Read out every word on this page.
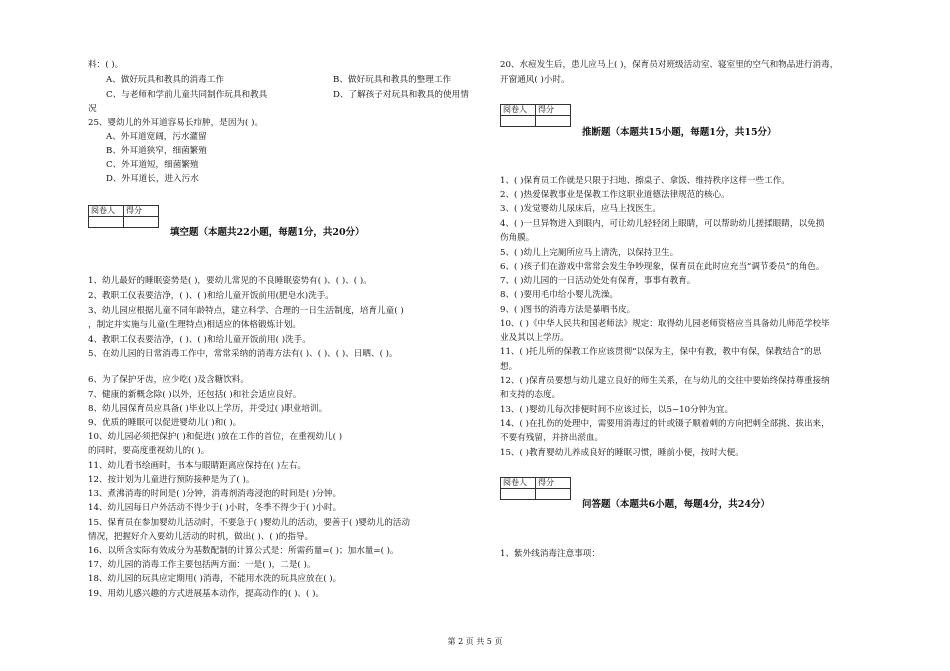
料：( )。
A、做好玩具和教具的消毒工作	B、做好玩具和教具的整理工作
C、与老师和学前儿童共同制作玩具和教具	D、了解孩子对玩具和教具的使用情
况
25、婴幼儿的外耳道容易长疖肿，是因为( )。
A、外耳道宽阔，污水灌留
B、外耳道狭窄，细菌繁殖
C、外耳道短，细菌繁殖
D、外耳道长，进入污水
阅卷人	得分

填空题（本题共22小题，每题1分，共20分）
1、幼儿最好的睡眠姿势是( )，要幼儿常见的不良睡眠姿势有( )、( )、( )。
2、教职工仪表要洁净，( )、( )和给儿童开饭前用(肥皂水)洗手。
3、幼儿园应根据儿童不同年龄特点，建立科学、合理的一日生活制度，培育儿童( )
，制定并实施与儿童(生理特点)相适应的体格锻炼计划。
4、教职工仪表要洁净，( )、( )和给儿童开饭前用( )洗手。
5、在幼儿园的日常消毒工作中，常常采纳的消毒方法有( )、( )、( )、日晒、( )。
6、为了保护牙齿，应少吃( )及含糖饮料。
7、健康的新概念除( )以外，还包括( )和社会适应良好。
8、幼儿园保育员应具备( )毕业以上学历，并受过( )职业培训。
9、优质的睡眠可以促进婴幼儿( )和( )。
10、幼儿园必须把保护( )和促进( )放在工作的首位，在重视幼儿( )
的同时，要高度重视幼儿的( )。
11、幼儿看书绘画时，书本与眼睛距离应保持在( )左右。
12、按计划为儿童进行预防接种是为了( )。
13、煮沸消毒的时间是( )分钟，消毒剂消毒浸泡的时间是( )分钟。
14、幼儿园每日户外活动不得少于( )小时，冬季不得少于( )小时。
15、保育员在参加婴幼儿活动时，不要急于( )婴幼儿的活动，要善于( )婴幼儿的活动
情况，把握好介入要幼儿活动的时机，做出( )、( )的指导。
16、以所含实际有效成分为基数配制的计算公式是：所需药量=( )；加水量=( )。
17、幼儿园的消毒工作主要包括两方面：一是( )，二是( )。
18、幼儿园的玩具应定期用( )消毒，不能用水洗的玩具应放在( )。
19、用幼儿感兴趣的方式进展基本动作，提高动作的( )、( )。
20、水痘发生后，患儿应马上( )，保育员对班级活动室、寝室里的空气和物品进行消毒，
开窗通风( )小时。
阅卷人	得分

推断题（本题共15小题，每题1分，共15分）
1、( )保育员工作就是只限于扫地、擦桌子、拿饭、维持秩序这样一些工作。
2、( )热爱保教事业是保教工作这职业道德法律规范的核心。
3、( )发觉婴幼儿尿床后，应马上找医生。
4、( )一旦异物进入到眼内，可让幼儿轻轻闭上眼睛，可以帮助幼儿搓揉眼睛，以免损
伤角膜。
5、( )幼儿上完厕所应马上清洗，以保持卫生。
6、( )孩子们在游戏中常常会发生争吵现象，保育员在此时应充当“调节委员”的角色。
7、( )幼儿园的一日活动处处有保育，事事有教育。
8、( )要用毛巾给小婴儿洗澡。
9、( )图书的消毒方法是暴晒书皮。
10、( )《中华人民共和国老师法》规定：取得幼儿园老师资格应当具备幼儿师范学校毕
业及其以上学历。
11、( )托儿所的保教工作应该贯彻“以保为主，保中有教，教中有保，保教结合”的思
想。
12、( )保育员要想与幼儿建立良好的师生关系，在与幼儿的交往中要始终保持尊重接纳
和支持的态度。
13、( )婴幼儿每次排便时间不应该过长，以5~10分钟为宜。
14、( )在扎伤的处理中，需要用消毒过的针或镊子顺着刺的方向把刺全部挑、拔出来，
不要有残留，并挤出淤血。
15、( )教育婴幼儿养成良好的睡眠习惯，睡前小便，按时大便。
阅卷人	得分

问答题（本题共6小题，每题4分，共24分）
1、紫外线消毒注意事项：
第 2 页 共 5 页
